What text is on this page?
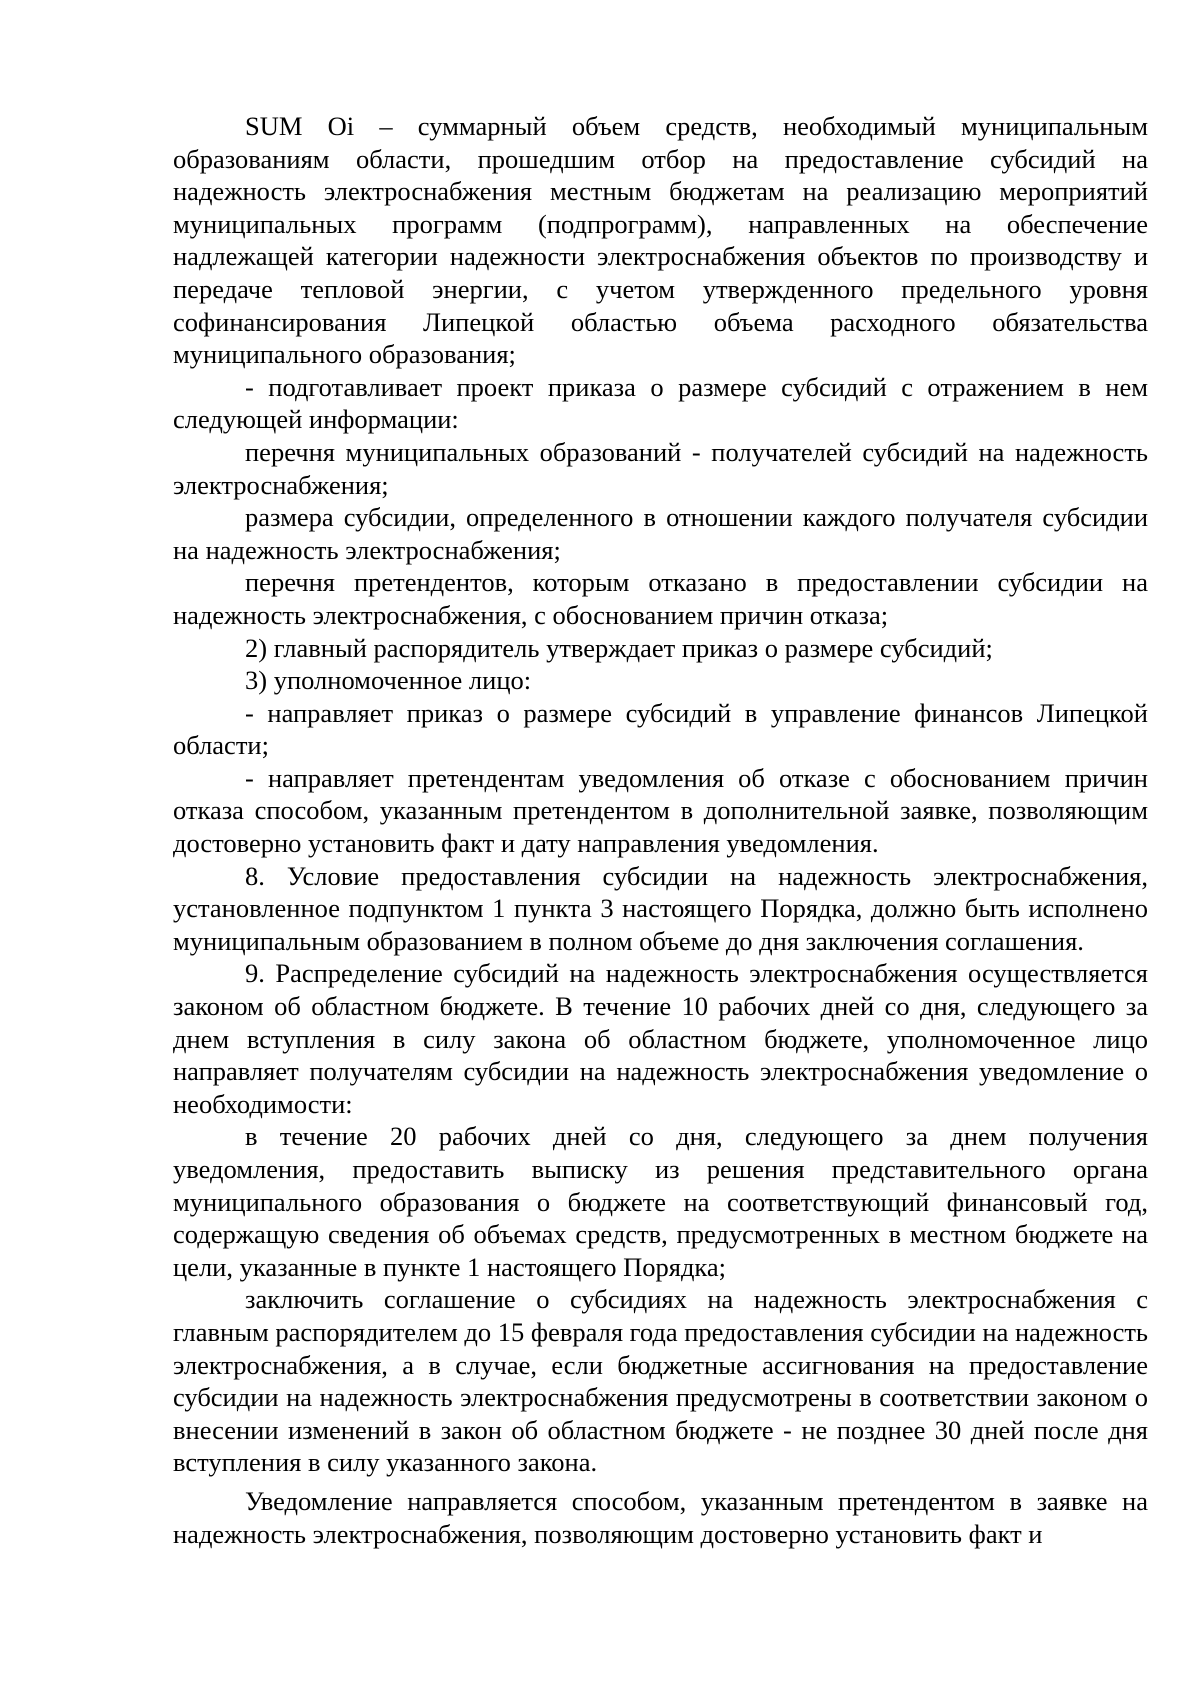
SUM Oi – суммарный объем средств, необходимый муниципальным образованиям области, прошедшим отбор на предоставление субсидий на надежность электроснабжения местным бюджетам на реализацию мероприятий муниципальных программ (подпрограмм), направленных на обеспечение надлежащей категории надежности электроснабжения объектов по производству и передаче тепловой энергии, с учетом утвержденного предельного уровня софинансирования Липецкой областью объема расходного обязательства муниципального образования;

- подготавливает проект приказа о размере субсидий с отражением в нем следующей информации:

перечня муниципальных образований - получателей субсидий на надежность электроснабжения;

размера субсидии, определенного в отношении каждого получателя субсидии на надежность электроснабжения;

перечня претендентов, которым отказано в предоставлении субсидии на надежность электроснабжения, с обоснованием причин отказа;

2) главный распорядитель утверждает приказ о размере субсидий;

3) уполномоченное лицо:

- направляет приказ о размере субсидий в управление финансов Липецкой области;

- направляет претендентам уведомления об отказе с обоснованием причин отказа способом, указанным претендентом в дополнительной заявке, позволяющим достоверно установить факт и дату направления уведомления.

8. Условие предоставления субсидии на надежность электроснабжения, установленное подпунктом 1 пункта 3 настоящего Порядка, должно быть исполнено муниципальным образованием в полном объеме до дня заключения соглашения.

9. Распределение субсидий на надежность электроснабжения осуществляется законом об областном бюджете. В течение 10 рабочих дней со дня, следующего за днем вступления в силу закона об областном бюджете, уполномоченное лицо направляет получателям субсидии на надежность электроснабжения уведомление о необходимости:

в течение 20 рабочих дней со дня, следующего за днем получения уведомления, предоставить выписку из решения представительного органа муниципального образования о бюджете на соответствующий финансовый год, содержащую сведения об объемах средств, предусмотренных в местном бюджете на цели, указанные в пункте 1 настоящего Порядка;

заключить соглашение о субсидиях на надежность электроснабжения с главным распорядителем до 15 февраля года предоставления субсидии на надежность электроснабжения, а в случае, если бюджетные ассигнования на предоставление субсидии на надежность электроснабжения предусмотрены в соответствии законом о внесении изменений в закон об областном бюджете - не позднее 30 дней после дня вступления в силу указанного закона.

Уведомление направляется способом, указанным претендентом в заявке на надежность электроснабжения, позволяющим достоверно установить факт и
